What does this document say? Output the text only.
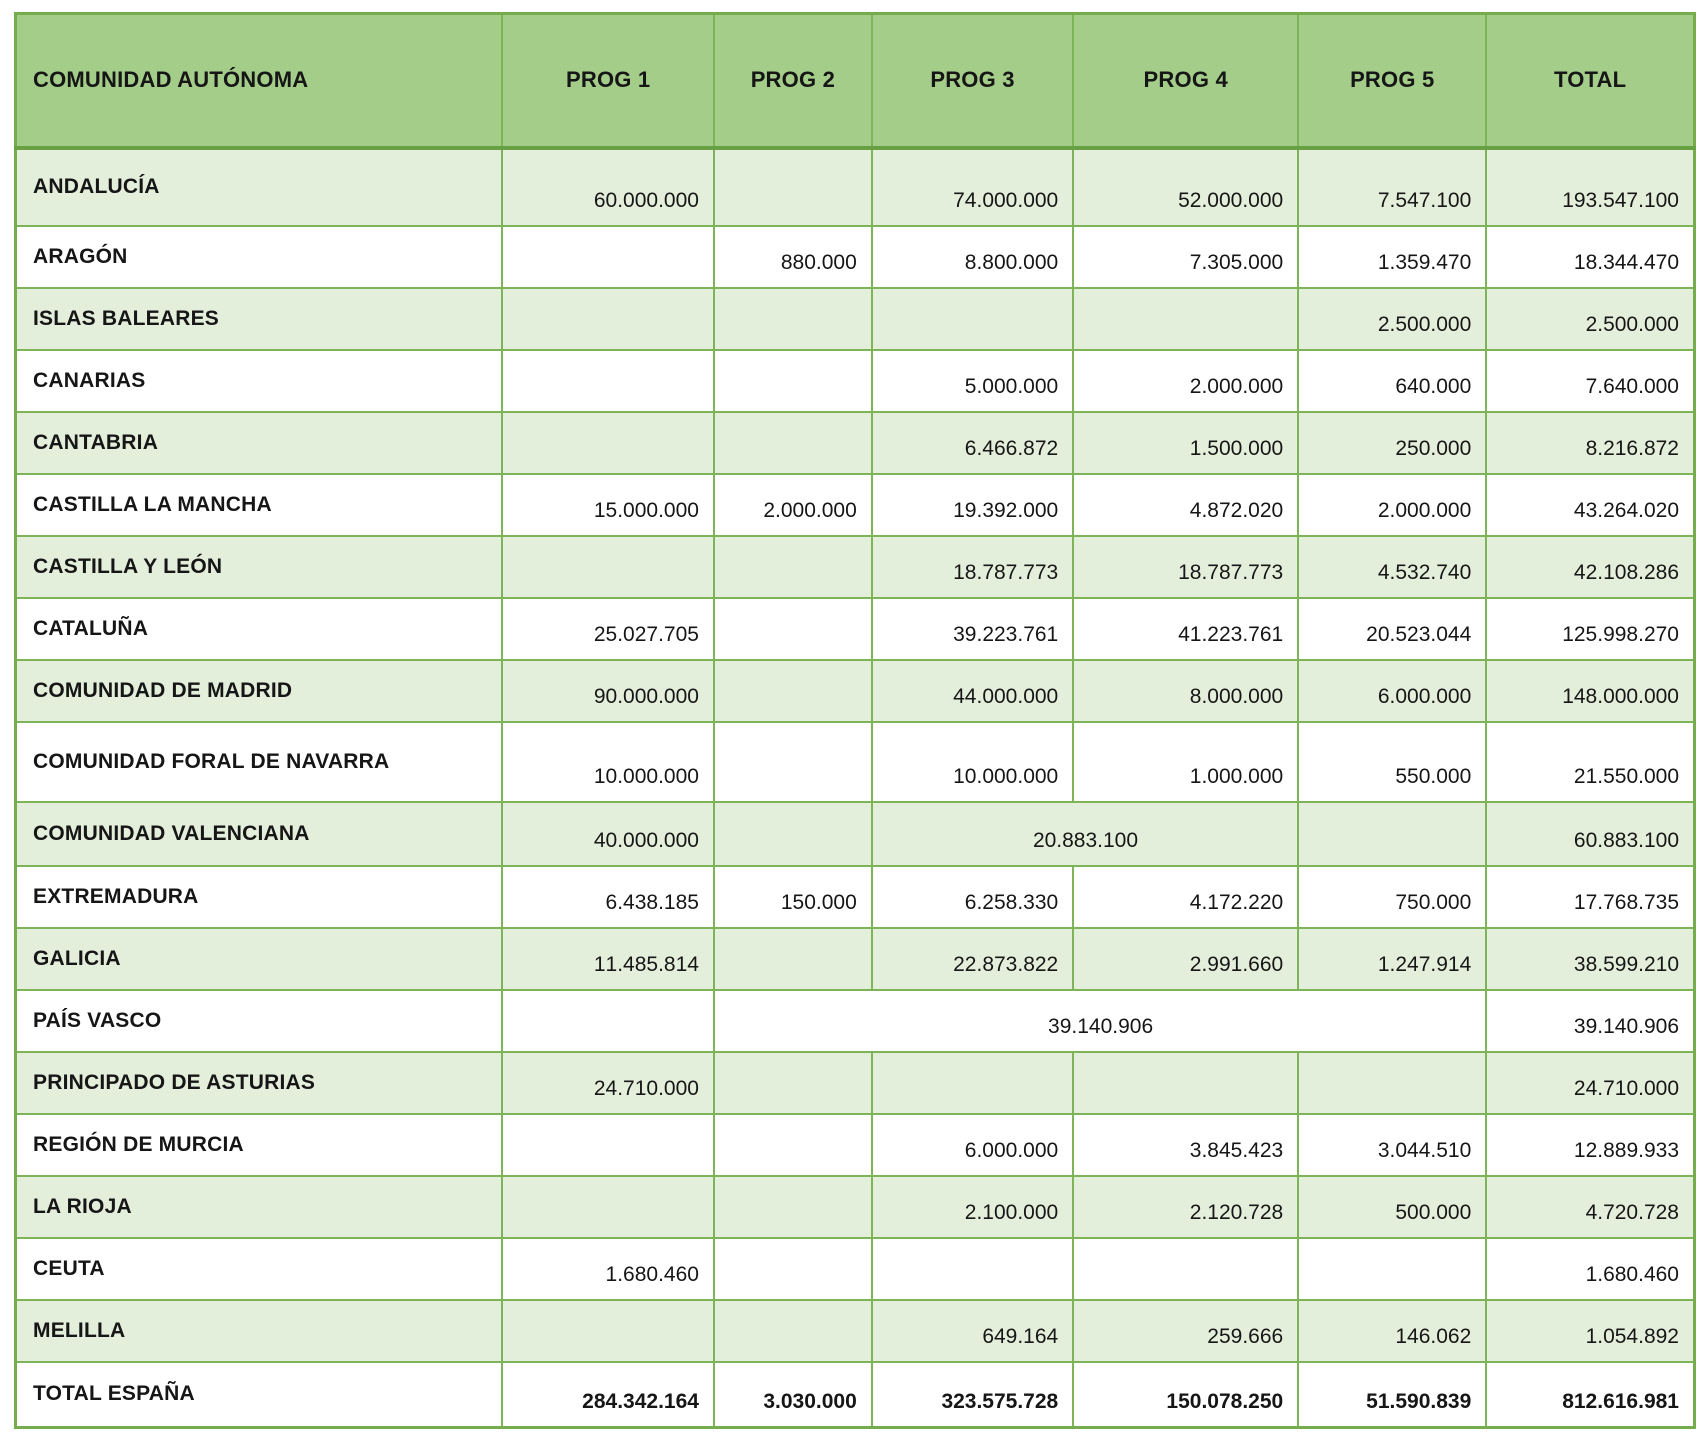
COMUNIDAD AUTÓNOMA	PROG 1	PROG 2	PROG 3	PROG 4	PROG 5	TOTAL
ANDALUCÍA	60.000.000		74.000.000	52.000.000	7.547.100	193.547.100
ARAGÓN		880.000	8.800.000	7.305.000	1.359.470	18.344.470
ISLAS BALEARES					2.500.000	2.500.000
CANARIAS			5.000.000	2.000.000	640.000	7.640.000
CANTABRIA			6.466.872	1.500.000	250.000	8.216.872
CASTILLA LA MANCHA	15.000.000	2.000.000	19.392.000	4.872.020	2.000.000	43.264.020
CASTILLA Y LEÓN			18.787.773	18.787.773	4.532.740	42.108.286
CATALUÑA	25.027.705		39.223.761	41.223.761	20.523.044	125.998.270
COMUNIDAD DE MADRID	90.000.000		44.000.000	8.000.000	6.000.000	148.000.000
COMUNIDAD FORAL DE NAVARRA	10.000.000		10.000.000	1.000.000	550.000	21.550.000
COMUNIDAD VALENCIANA	40.000.000		20.883.100			60.883.100
EXTREMADURA	6.438.185	150.000	6.258.330	4.172.220	750.000	17.768.735
GALICIA	11.485.814		22.873.822	2.991.660	1.247.914	38.599.210
PAÍS VASCO		39.140.906				39.140.906
PRINCIPADO DE ASTURIAS	24.710.000					24.710.000
REGIÓN DE MURCIA			6.000.000	3.845.423	3.044.510	12.889.933
LA RIOJA			2.100.000	2.120.728	500.000	4.720.728
CEUTA	1.680.460					1.680.460
MELILLA			649.164	259.666	146.062	1.054.892
TOTAL ESPAÑA	284.342.164	3.030.000	323.575.728	150.078.250	51.590.839	812.616.981
